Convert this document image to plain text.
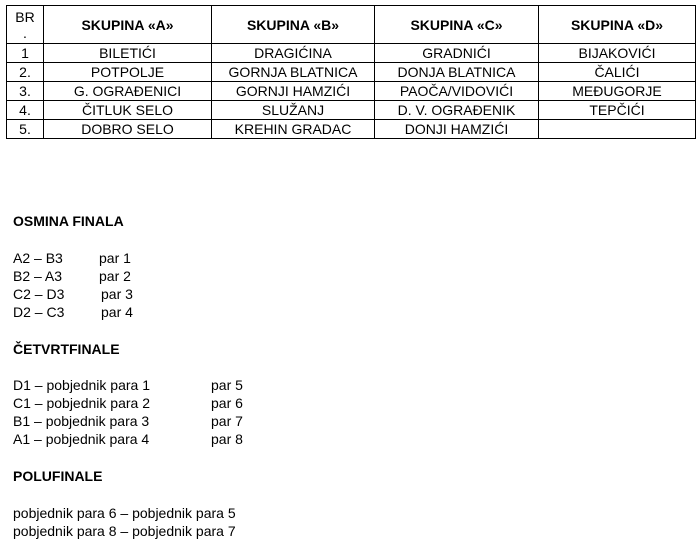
BR
.	SKUPINA «A»	SKUPINA «B»	SKUPINA «C»	SKUPINA «D»
1	BILETIĆI	DRAGIĆINA	GRADNIĆI	BIJAKOVIĆI
2.	POTPOLJE	GORNJA BLATNICA	DONJA BLATNICA	ČALIĆI
3.	G. OGRAĐENICI	GORNJI HAMZIĆI	PAOČA/VIDOVIĆI	MEĐUGORJE
4.	ČITLUK SELO	SLUŽANJ	D. V. OGRAĐENIK	TEPČIĆI
5.	DOBRO SELO	KREHIN GRADAC	DONJI HAMZIĆI	
OSMINA FINALA
A2 – B3	par 1
B2 – A3	par 2
C2 – D3	par 3
D2 – C3	par 4
ČETVRTFINALE
D1 – pobjednik para 1	par 5
C1 – pobjednik para 2	par 6
B1 – pobjednik para 3	par 7
A1 – pobjednik para 4	par 8
POLUFINALE
pobjednik para 6 – pobjednik para 5
pobjednik para 8 – pobjednik para 7
